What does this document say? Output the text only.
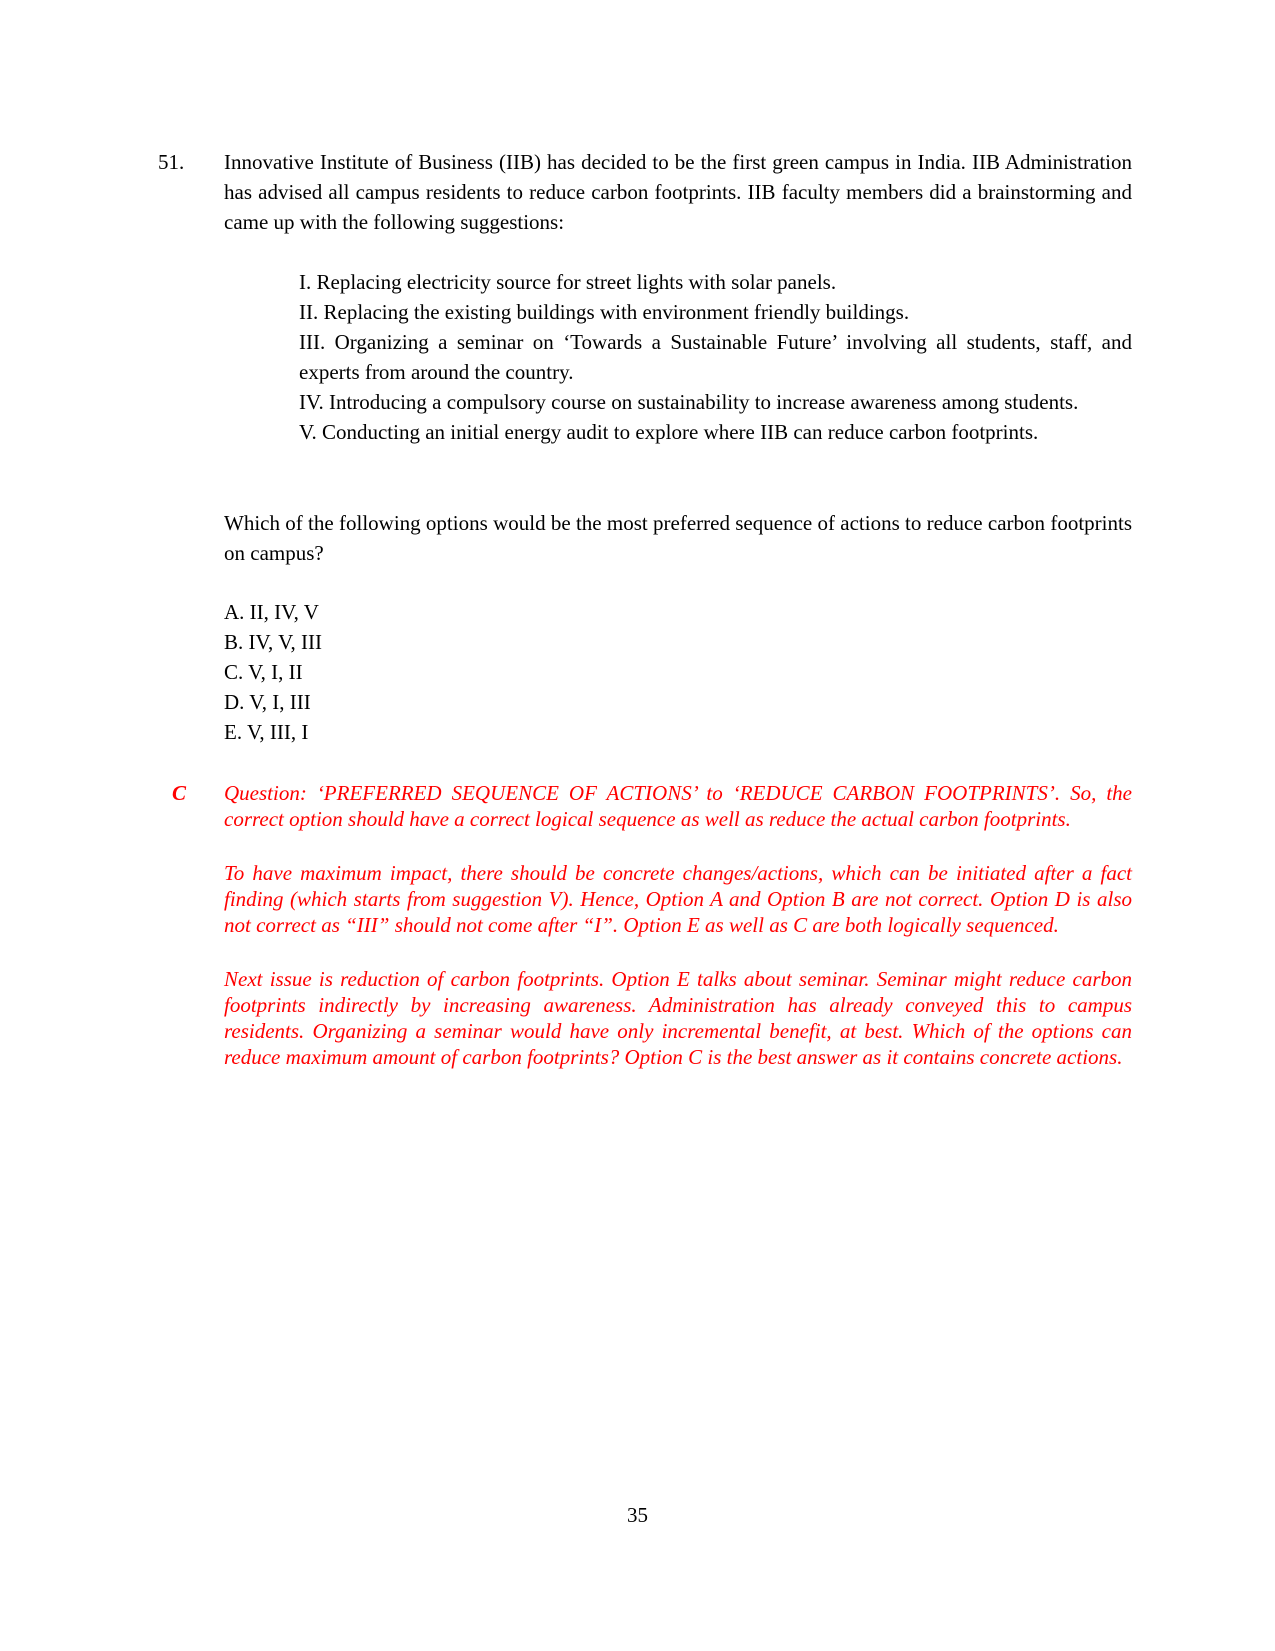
51. Innovative Institute of Business (IIB) has decided to be the first green campus in India. IIB Administration has advised all campus residents to reduce carbon footprints. IIB faculty members did a brainstorming and came up with the following suggestions:

I. Replacing electricity source for street lights with solar panels.

II. Replacing the existing buildings with environment friendly buildings.

III. Organizing a seminar on ‘Towards a Sustainable Future’ involving all students, staff, and experts from around the country.

IV. Introducing a compulsory course on sustainability to increase awareness among students.

V. Conducting an initial energy audit to explore where IIB can reduce carbon footprints.

Which of the following options would be the most preferred sequence of actions to reduce carbon footprints on campus?

A. II, IV, V

B. IV, V, III

C. V, I, II

D. V, I, III

E. V, III, I

C Question: ‘PREFERRED SEQUENCE OF ACTIONS’ to ‘REDUCE CARBON FOOTPRINTS’. So, the correct option should have a correct logical sequence as well as reduce the actual carbon footprints.

To have maximum impact, there should be concrete changes/actions, which can be initiated after a fact finding (which starts from suggestion V). Hence, Option A and Option B are not correct. Option D is also not correct as “III” should not come after “I”. Option E as well as C are both logically sequenced.

Next issue is reduction of carbon footprints. Option E talks about seminar. Seminar might reduce carbon footprints indirectly by increasing awareness. Administration has already conveyed this to campus residents. Organizing a seminar would have only incremental benefit, at best. Which of the options can reduce maximum amount of carbon footprints? Option C is the best answer as it contains concrete actions.

35
